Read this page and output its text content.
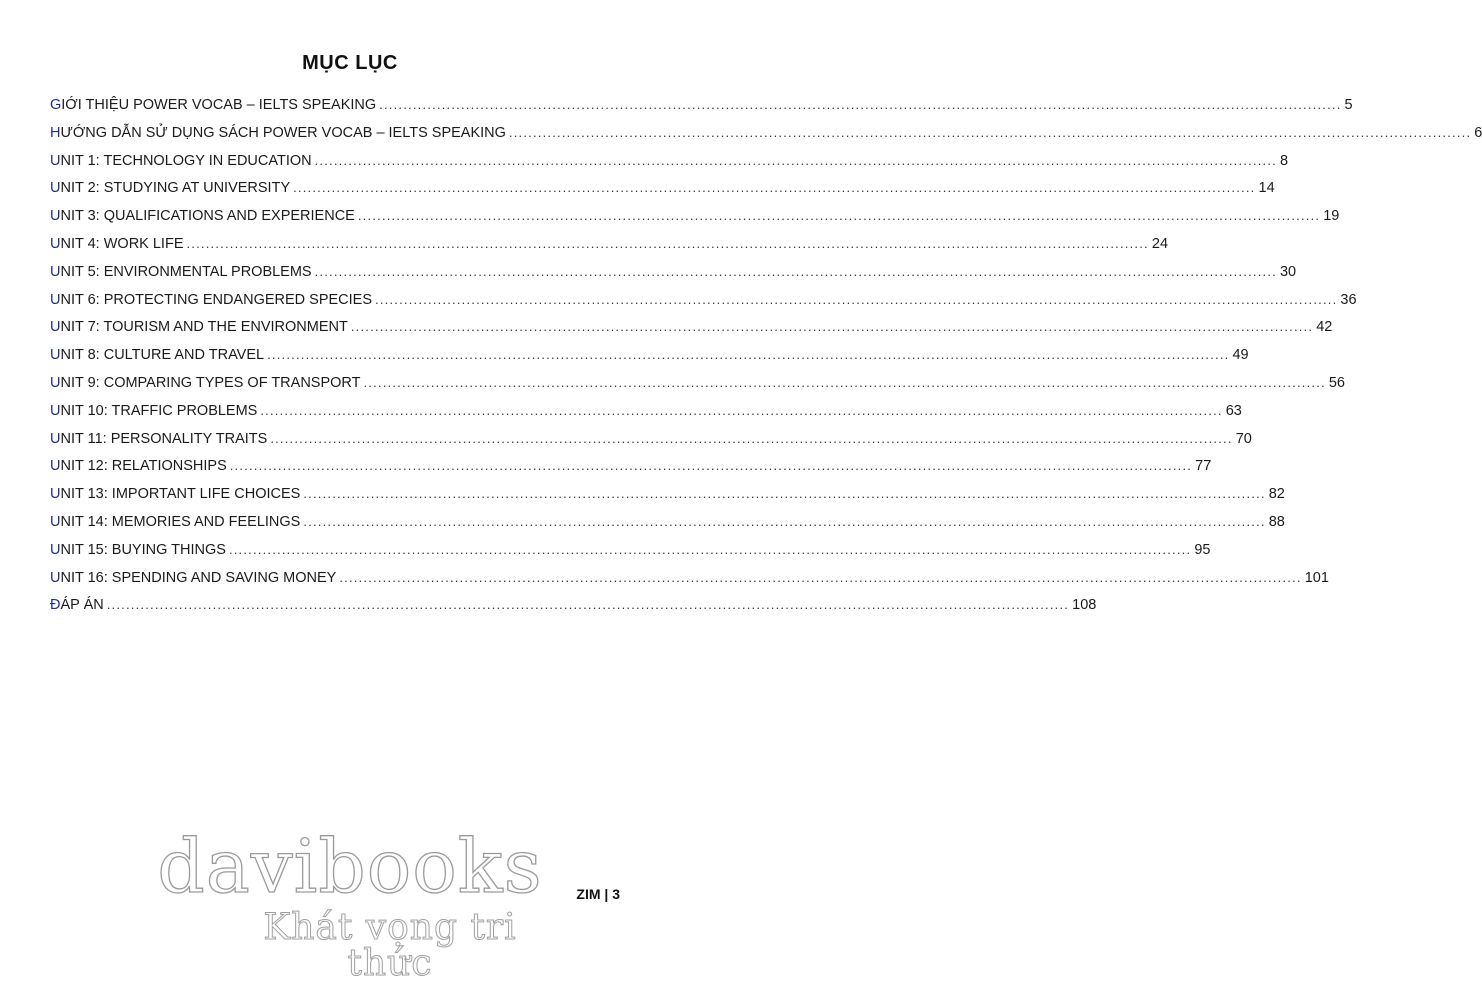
MỤC LỤC
GIỚI THIỆU POWER VOCAB – IELTS SPEAKING ........................................................................................................................................................................................................ 5
HƯỚNG DẪN SỬ DỤNG SÁCH POWER VOCAB – IELTS SPEAKING ........................................................................................................................................................................................................ 6
UNIT 1: TECHNOLOGY IN EDUCATION ........................................................................................................................................................................................................ 8
UNIT 2: STUDYING AT UNIVERSITY ........................................................................................................................................................................................................ 14
UNIT 3: QUALIFICATIONS AND EXPERIENCE ........................................................................................................................................................................................................ 19
UNIT 4: WORK LIFE ........................................................................................................................................................................................................ 24
UNIT 5: ENVIRONMENTAL PROBLEMS ........................................................................................................................................................................................................ 30
UNIT 6: PROTECTING ENDANGERED SPECIES ........................................................................................................................................................................................................ 36
UNIT 7: TOURISM AND THE ENVIRONMENT ........................................................................................................................................................................................................ 42
UNIT 8: CULTURE AND TRAVEL ........................................................................................................................................................................................................ 49
UNIT 9: COMPARING TYPES OF TRANSPORT ........................................................................................................................................................................................................ 56
UNIT 10: TRAFFIC PROBLEMS ........................................................................................................................................................................................................ 63
UNIT 11: PERSONALITY TRAITS ........................................................................................................................................................................................................ 70
UNIT 12: RELATIONSHIPS ........................................................................................................................................................................................................ 77
UNIT 13: IMPORTANT LIFE CHOICES ........................................................................................................................................................................................................ 82
UNIT 14: MEMORIES AND FEELINGS ........................................................................................................................................................................................................ 88
UNIT 15: BUYING THINGS ........................................................................................................................................................................................................ 95
UNIT 16: SPENDING AND SAVING MONEY ........................................................................................................................................................................................................ 101
ĐÁP ÁN ........................................................................................................................................................................................................ 108
davibooks
Khát vọng tri thức
ZIM | 3
